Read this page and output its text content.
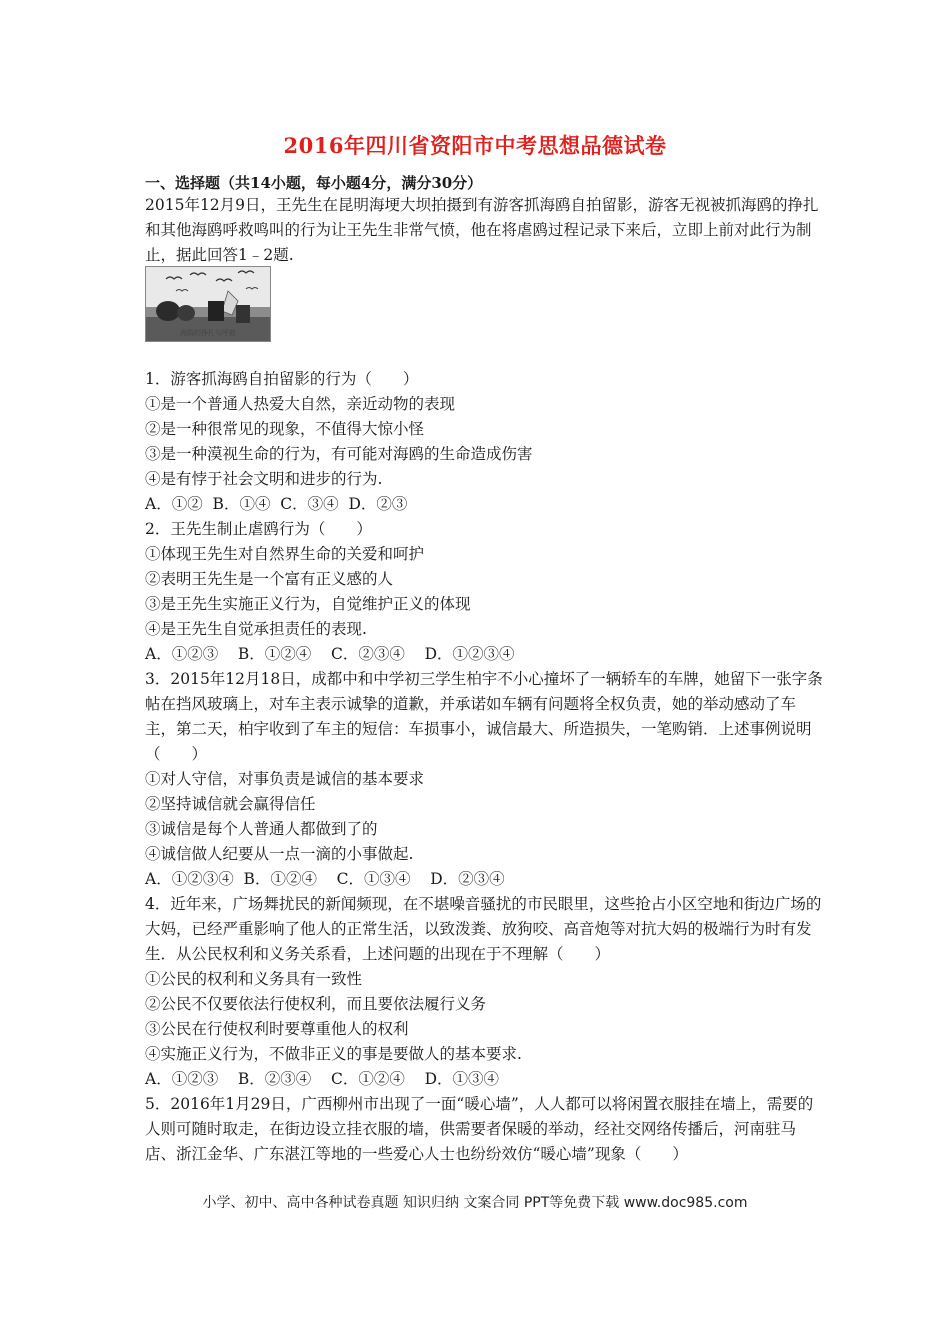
2016年四川省资阳市中考思想品德试卷
一、选择题（共14小题，每小题4分，满分30分）
2015年12月9日，王先生在昆明海埂大坝拍摄到有游客抓海鸥自拍留影，游客无视被抓海鸥的挣扎和其他海鸥呼救鸣叫的行为让王先生非常气愤，他在将虐鸥过程记录下来后，立即上前对此行为制止，据此回答1﹣2题.
海鸥的挣扎与呼救
1．游客抓海鸥自拍留影的行为（　　）
①是一个普通人热爱大自然，亲近动物的表现
②是一种很常见的现象，不值得大惊小怪
③是一种漠视生命的行为，有可能对海鸥的生命造成伤害
④是有悖于社会文明和进步的行为.
A．①②  B．①④  C．③④  D．②③
2．王先生制止虐鸥行为（　　）
①体现王先生对自然界生命的关爱和呵护
②表明王先生是一个富有正义感的人
③是王先生实施正义行为，自觉维护正义的体现
④是王先生自觉承担责任的表现.
A．①②③    B．①②④    C．②③④    D．①②③④
3．2015年12月18日，成都中和中学初三学生柏宇不小心撞坏了一辆轿车的车牌，她留下一张字条帖在挡风玻璃上，对车主表示诚挚的道歉，并承诺如车辆有问题将全权负责，她的举动感动了车主，第二天，柏宇收到了车主的短信：车损事小，诚信最大、所造损失，一笔购销．上述事例说明（　　）
①对人守信，对事负责是诚信的基本要求
②坚持诚信就会赢得信任
③诚信是每个人普通人都做到了的
④诚信做人纪要从一点一滴的小事做起.
A．①②③④  B．①②④    C．①③④    D．②③④
4．近年来，广场舞扰民的新闻频现，在不堪噪音骚扰的市民眼里，这些抢占小区空地和街边广场的大妈，已经严重影响了他人的正常生活，以致泼粪、放狗咬、高音炮等对抗大妈的极端行为时有发生．从公民权利和义务关系看，上述问题的出现在于不理解（　　）
①公民的权利和义务具有一致性
②公民不仅要依法行使权利，而且要依法履行义务
③公民在行使权利时要尊重他人的权利
④实施正义行为，不做非正义的事是要做人的基本要求.
A．①②③    B．②③④    C．①②④    D．①③④
5．2016年1月29日，广西柳州市出现了一面“暖心墙”，人人都可以将闲置衣服挂在墙上，需要的人则可随时取走，在街边设立挂衣服的墙，供需要者保暖的举动，经社交网络传播后，河南驻马店、浙江金华、广东湛江等地的一些爱心人士也纷纷效仿“暖心墙”现象（　　）
小学、初中、高中各种试卷真题 知识归纳 文案合同 PPT等免费下载 www.doc985.com
